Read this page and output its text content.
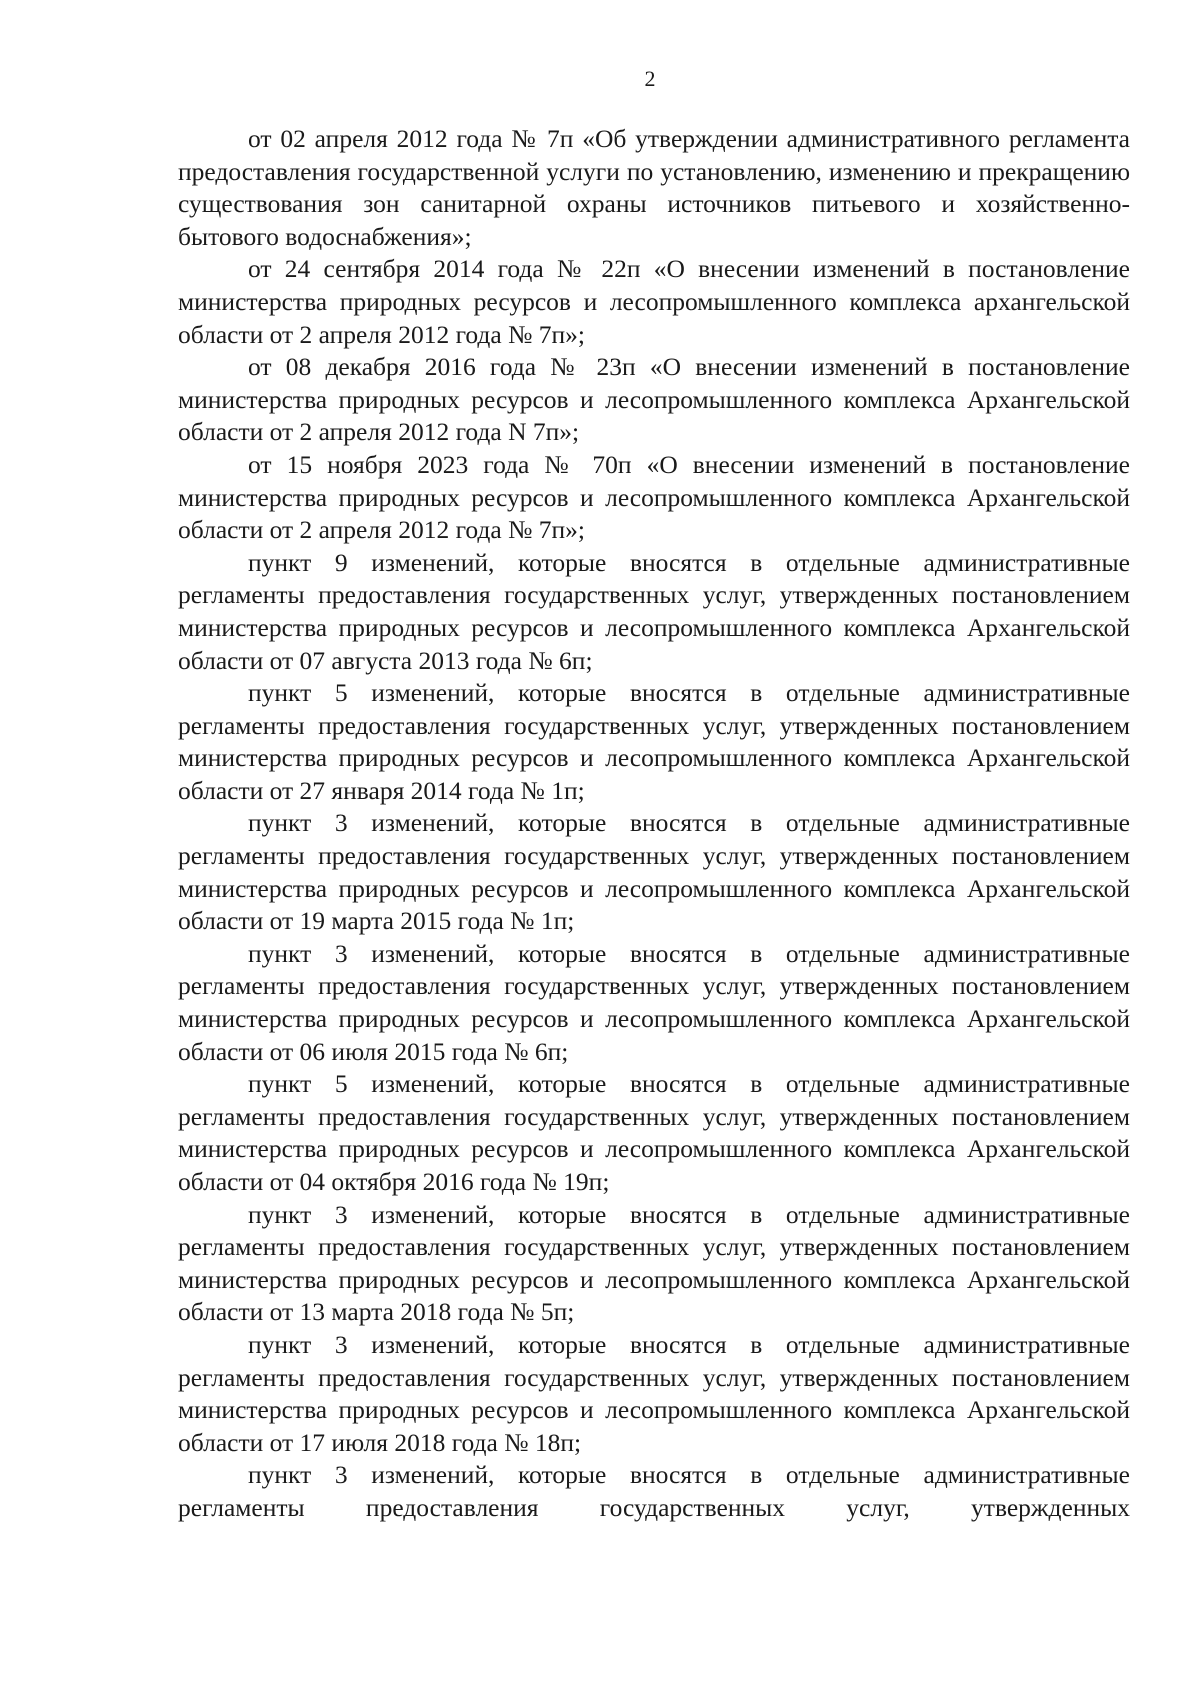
2

от 02 апреля 2012 года № 7п «Об утверждении административного регламента предоставления государственной услуги по установлению, изменению и прекращению существования зон санитарной охраны источников питьевого и хозяйственно-бытового водоснабжения»;

от 24 сентября 2014 года № 22п «О внесении изменений в постановление министерства природных ресурсов и лесопромышленного комплекса архангельской области от 2 апреля 2012 года № 7п»;

от 08 декабря 2016 года № 23п «О внесении изменений в постановление министерства природных ресурсов и лесопромышленного комплекса Архангельской области от 2 апреля 2012 года N 7п»;

от 15 ноября 2023 года № 70п «О внесении изменений в постановление министерства природных ресурсов и лесопромышленного комплекса Архангельской области от 2 апреля 2012 года № 7п»;

пункт 9 изменений, которые вносятся в отдельные административные регламенты предоставления государственных услуг, утвержденных постановлением министерства природных ресурсов и лесопромышленного комплекса Архангельской области от 07 августа 2013 года № 6п;

пункт 5 изменений, которые вносятся в отдельные административные регламенты предоставления государственных услуг, утвержденных постановлением министерства природных ресурсов и лесопромышленного комплекса Архангельской области от 27 января 2014 года № 1п;

пункт 3 изменений, которые вносятся в отдельные административные регламенты предоставления государственных услуг, утвержденных постановлением министерства природных ресурсов и лесопромышленного комплекса Архангельской области от 19 марта 2015 года № 1п;

пункт 3 изменений, которые вносятся в отдельные административные регламенты предоставления государственных услуг, утвержденных постановлением министерства природных ресурсов и лесопромышленного комплекса Архангельской области от 06 июля 2015 года № 6п;

пункт 5 изменений, которые вносятся в отдельные административные регламенты предоставления государственных услуг, утвержденных постановлением министерства природных ресурсов и лесопромышленного комплекса Архангельской области от 04 октября 2016 года № 19п;

пункт 3 изменений, которые вносятся в отдельные административные регламенты предоставления государственных услуг, утвержденных постановлением министерства природных ресурсов и лесопромышленного комплекса Архангельской области от 13 марта 2018 года № 5п;

пункт 3 изменений, которые вносятся в отдельные административные регламенты предоставления государственных услуг, утвержденных постановлением министерства природных ресурсов и лесопромышленного комплекса Архангельской области от 17 июля 2018 года № 18п;

пункт 3 изменений, которые вносятся в отдельные административные регламенты предоставления государственных услуг, утвержденных
